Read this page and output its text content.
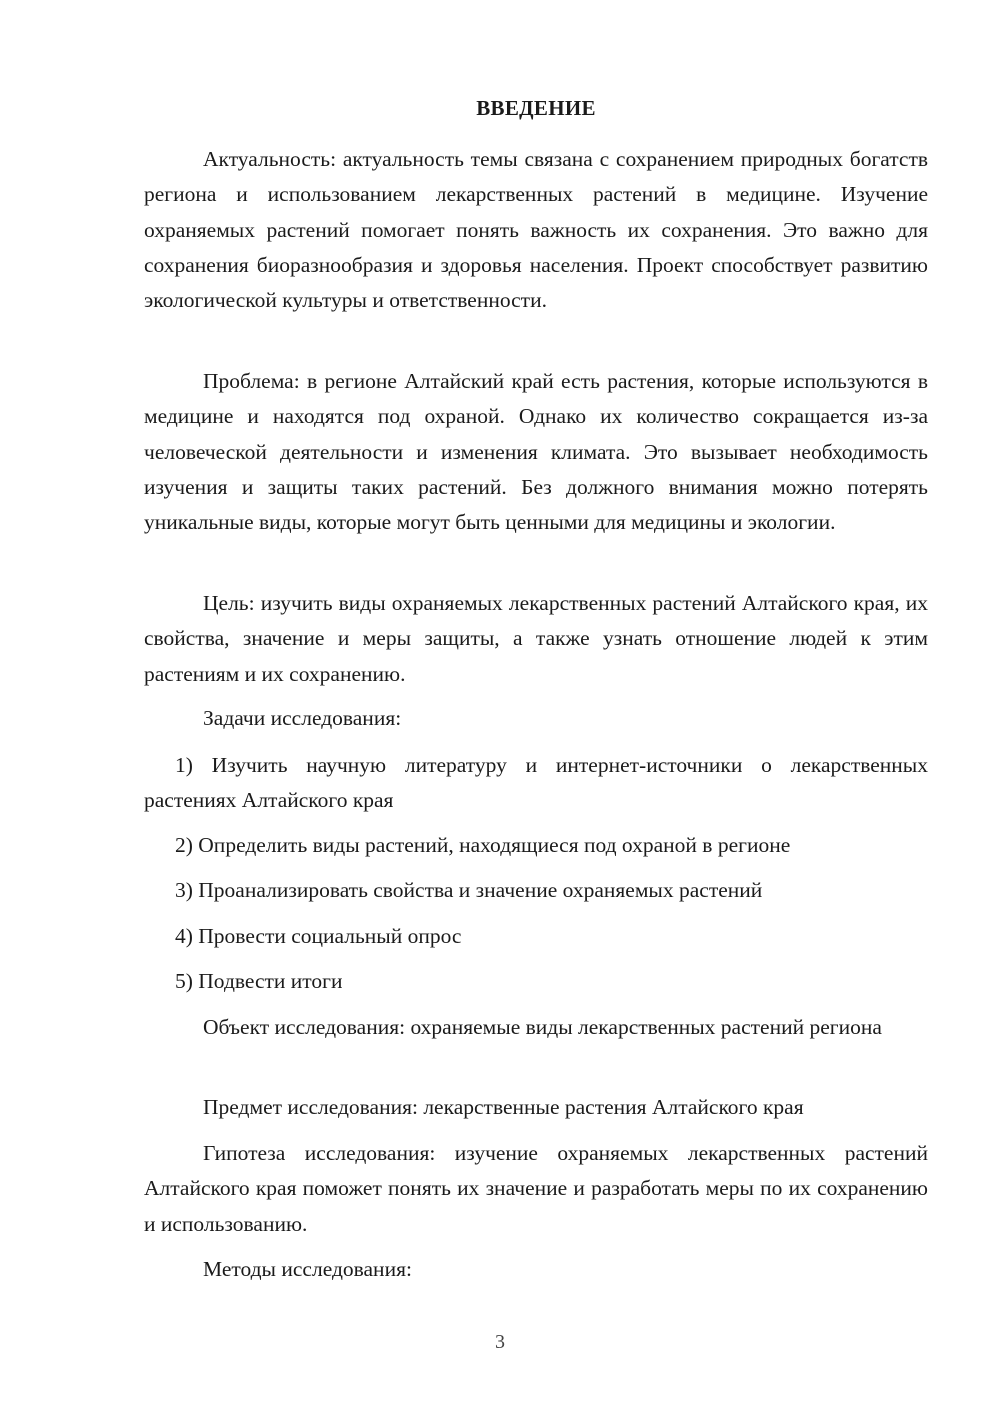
ВВЕДЕНИЕ

Актуальность: актуальность темы связана с сохранением природных богатств региона и использованием лекарственных растений в медицине. Изучение охраняемых растений помогает понять важность их сохранения. Это важно для сохранения биоразнообразия и здоровья населения. Проект способствует развитию экологической культуры и ответственности.

Проблема: в регионе Алтайский край есть растения, которые используются в медицине и находятся под охраной. Однако их количество сокращается из-за человеческой деятельности и изменения климата. Это вызывает необходимость изучения и защиты таких растений. Без должного внимания можно потерять уникальные виды, которые могут быть ценными для медицины и экологии.

Цель: изучить виды охраняемых лекарственных растений Алтайского края, их свойства, значение и меры защиты, а также узнать отношение людей к этим растениям и их сохранению.

Задачи исследования:

1) Изучить научную литературу и интернет-источники о лекарственных растениях Алтайского края

2) Определить виды растений, находящиеся под охраной в регионе

3) Проанализировать свойства и значение охраняемых растений

4) Провести социальный опрос

5) Подвести итоги

Объект исследования: охраняемые виды лекарственных растений региона

Предмет исследования: лекарственные растения Алтайского края

Гипотеза исследования: изучение охраняемых лекарственных растений Алтайского края поможет понять их значение и разработать меры по их сохранению и использованию.

Методы исследования:

3
